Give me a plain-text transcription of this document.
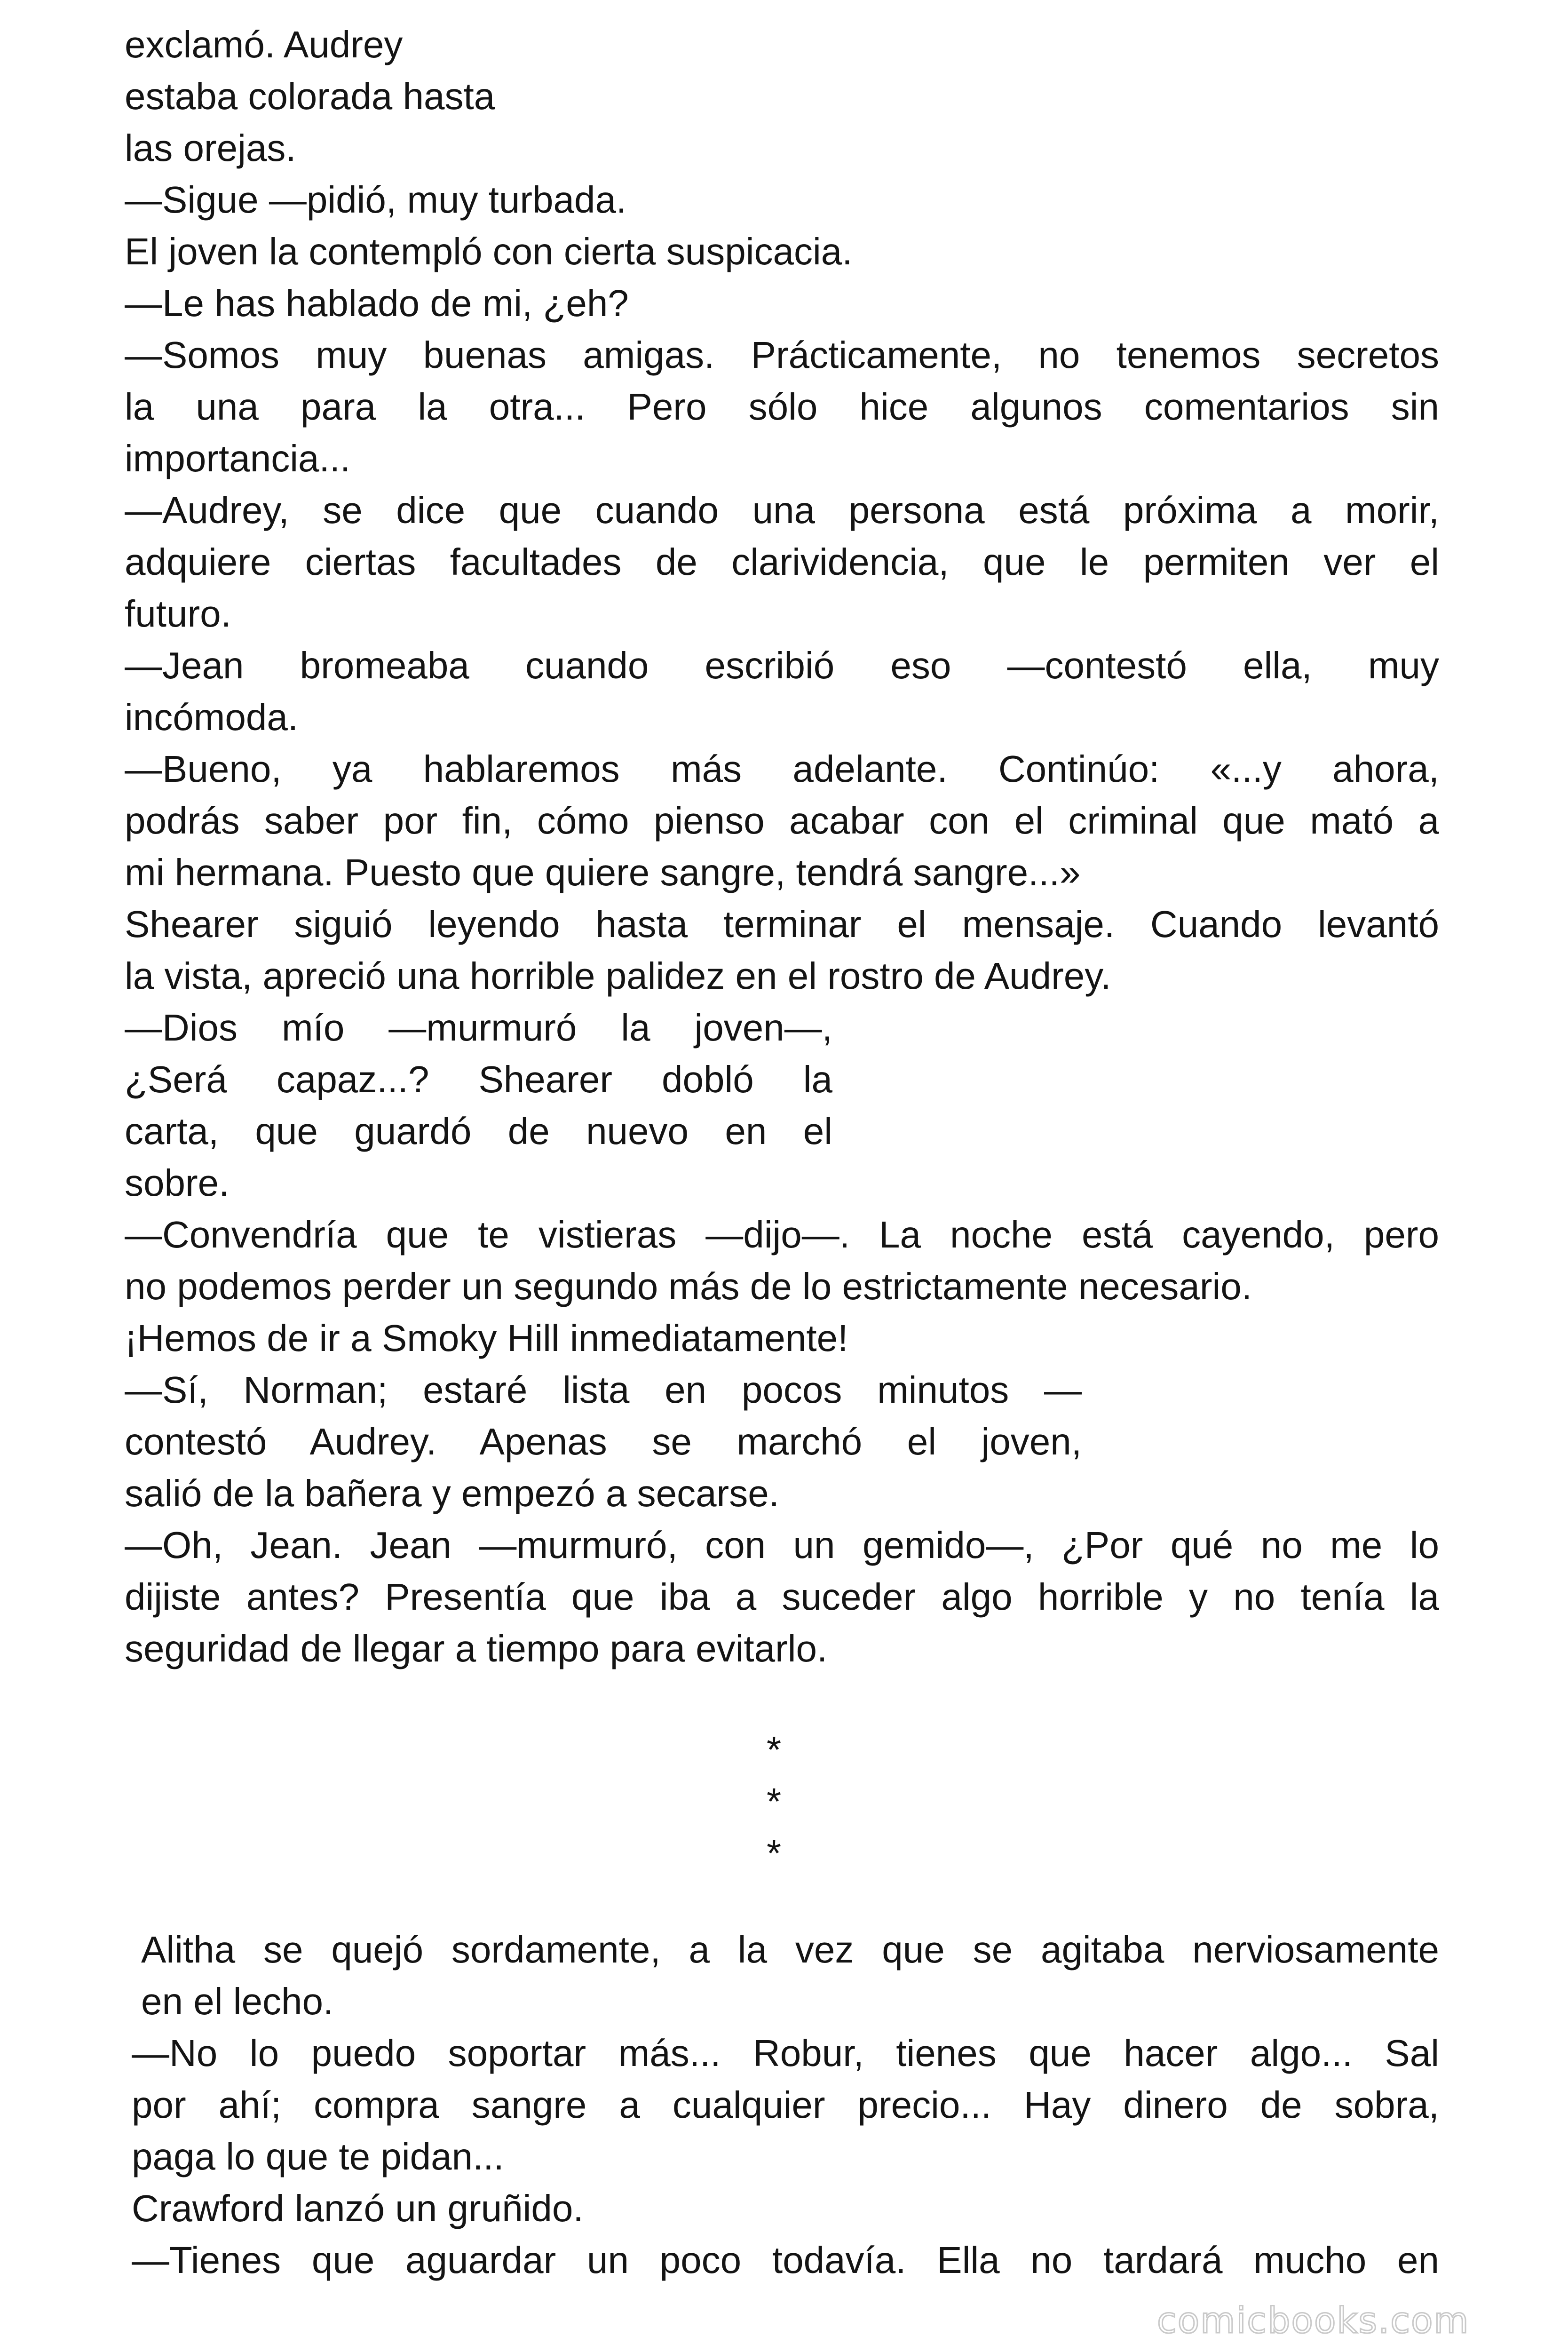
exclamó. Audrey

estaba colorada hasta

las orejas.

—Sigue —pidió, muy turbada.

El joven la contempló con cierta suspicacia.

—Le has hablado de mi, ¿eh?

—Somos muy buenas amigas. Prácticamente, no tenemos secretos

la una para la otra... Pero sólo hice algunos comentarios sin

importancia...

—Audrey, se dice que cuando una persona está próxima a morir,

adquiere ciertas facultades de clarividencia, que le permiten ver el

futuro.

—Jean bromeaba cuando escribió eso —contestó ella, muy

incómoda.

—Bueno, ya hablaremos más adelante. Continúo: «...y ahora,

podrás saber por fin, cómo pienso acabar con el criminal que mató a

mi hermana. Puesto que quiere sangre, tendrá sangre...»

Shearer siguió leyendo hasta terminar el mensaje. Cuando levantó

la vista, apreció una horrible palidez en el rostro de Audrey.

—Dios mío —murmuró la joven—,

¿Será capaz...? Shearer dobló la

carta, que guardó de nuevo en el

sobre.

—Convendría que te vistieras —dijo—. La noche está cayendo, pero

no podemos perder un segundo más de lo estrictamente necesario.

¡Hemos de ir a Smoky Hill inmediatamente!

—Sí, Norman; estaré lista en pocos minutos —

contestó Audrey. Apenas se marchó el joven,

salió de la bañera y empezó a secarse.

—Oh, Jean. Jean —murmuró, con un gemido—, ¿Por qué no me lo

dijiste antes? Presentía que iba a suceder algo horrible y no tenía la

seguridad de llegar a tiempo para evitarlo.

*
*
*

Alitha se quejó sordamente, a la vez que se agitaba nerviosamente

en el lecho.

—No lo puedo soportar más... Robur, tienes que hacer algo... Sal

por ahí; compra sangre a cualquier precio... Hay dinero de sobra,

paga lo que te pidan...

Crawford lanzó un gruñido.

—Tienes que aguardar un poco todavía. Ella no tardará mucho en

comicbooks.com
